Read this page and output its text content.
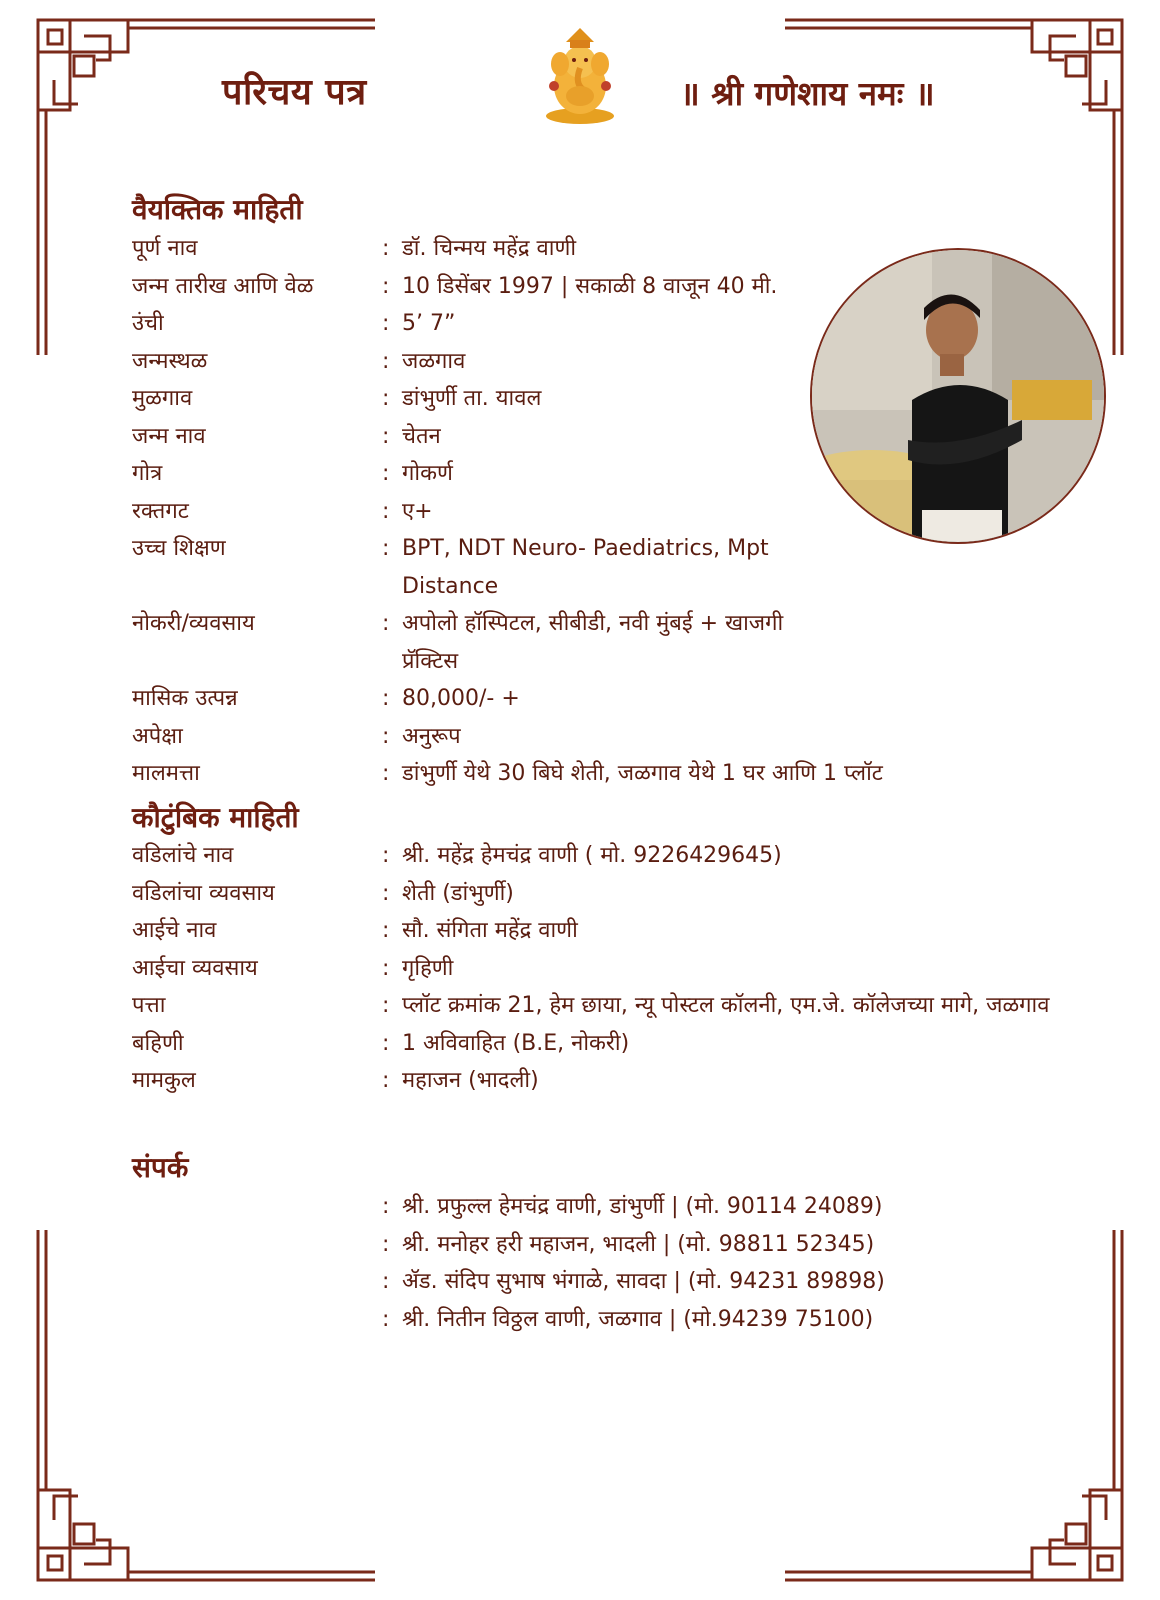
परिचय पत्र	॥ श्री गणेशाय नमः ॥
वैयक्तिक माहिती
पूर्ण नाव	: डॉ. चिन्मय महेंद्र वाणी
जन्म तारीख आणि वेळ	: 10 डिसेंबर 1997 | सकाळी 8 वाजून 40 मी.
उंची	: 5’ 7”
जन्मस्थळ	: जळगाव
मुळगाव	: डांभुर्णी ता. यावल
जन्म नाव	: चेतन
गोत्र	: गोकर्ण
रक्तगट	: ए+
उच्च शिक्षण	: BPT, NDT Neuro- Paediatrics, Mpt Distance
नोकरी/व्यवसाय	: अपोलो हॉस्पिटल, सीबीडी, नवी मुंबई + खाजगी प्रॅक्टिस
मासिक उत्पन्न	: 80,000/- +
अपेक्षा	: अनुरूप
मालमत्ता	: डांभुर्णी येथे 30 बिघे शेती, जळगाव येथे 1 घर आणि 1 प्लॉट
कौटुंबिक माहिती
वडिलांचे नाव	: श्री. महेंद्र हेमचंद्र वाणी ( मो. 9226429645)
वडिलांचा व्यवसाय	: शेती (डांभुर्णी)
आईचे नाव	: सौ. संगिता महेंद्र वाणी
आईचा व्यवसाय	: गृहिणी
पत्ता	: प्लॉट क्रमांक 21, हेम छाया, न्यू पोस्टल कॉलनी, एम.जे. कॉलेजच्या मागे, जळगाव
बहिणी	: 1 अविवाहित (B.E, नोकरी)
मामकुल	: महाजन (भादली)
संपर्क
: श्री. प्रफुल्ल हेमचंद्र वाणी, डांभुर्णी | (मो. 90114 24089)
: श्री. मनोहर हरी महाजन, भादली | (मो. 98811 52345)
: ॲड. संदिप सुभाष भंगाळे, सावदा | (मो. 94231 89898)
: श्री. नितीन विठ्ठल वाणी, जळगाव | (मो.94239 75100)
